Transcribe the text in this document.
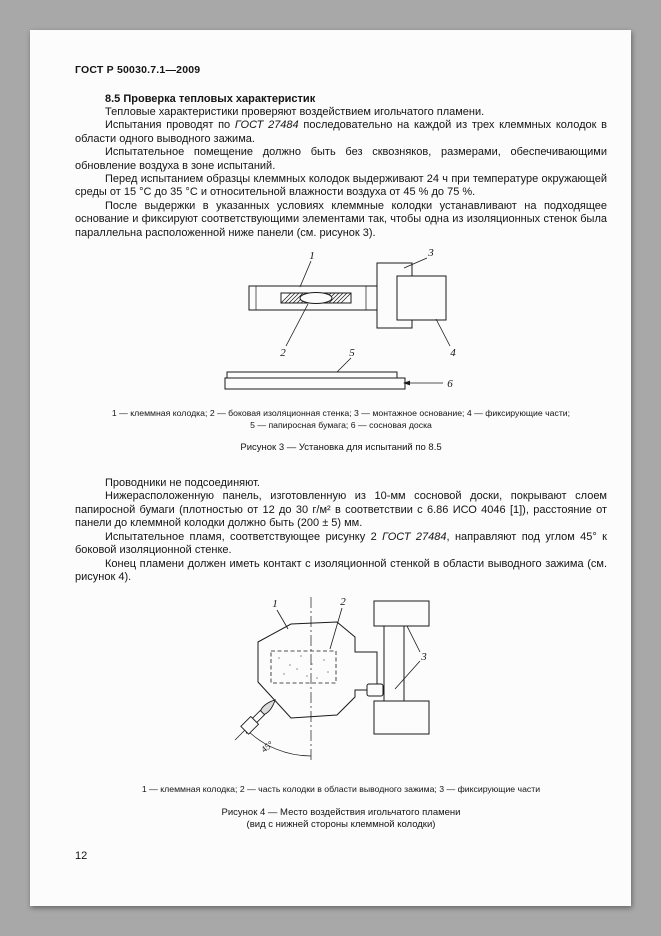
ГОСТ Р 50030.7.1—2009
8.5 Проверка тепловых характеристик

Тепловые характеристики проверяют воздействием игольчатого пламени.

Испытания проводят по ГОСТ 27484 последовательно на каждой из трех клеммных колодок в области одного выводного зажима.

Испытательное помещение должно быть без сквозняков, размерами, обеспечивающими обновление воздуха в зоне испытаний.

Перед испытанием образцы клеммных колодок выдерживают 24 ч при температуре окружающей среды от 15 °С до 35 °С и относительной влажности воздуха от 45 % до 75 %.

После выдержки в указанных условиях клеммные колодки устанавливают на подходящее основание и фиксируют соответствующими элементами так, чтобы одна из изоляционных стенок была параллельна расположенной ниже панели (см. рисунок 3).

1
2
3
4
5
6
1 — клеммная колодка; 2 — боковая изоляционная стенка; 3 — монтажное основание; 4 — фиксирующие части;
5 — папиросная бумага; 6 — сосновая доска
Рисунок 3 — Установка для испытаний по 8.5

Проводники не подсоединяют.

Нижерасположенную панель, изготовленную из 10-мм сосновой доски, покрывают слоем папиросной бумаги (плотностью от 12 до 30 г/м² в соответствии с 6.86 ИСО 4046 [1]), расстояние от панели до клеммной колодки должно быть (200 ± 5) мм.

Испытательное пламя, соответствующее рисунку 2 ГОСТ 27484, направляют под углом 45° к боковой изоляционной стенке.

Конец пламени должен иметь контакт с изоляционной стенкой в области выводного зажима (см. рисунок 4).

1	2
3
45°
1 — клеммная колодка; 2 — часть колодки в области выводного зажима; 3 — фиксирующие части
Рисунок 4 — Место воздействия игольчатого пламени
(вид с нижней стороны клеммной колодки)
12
